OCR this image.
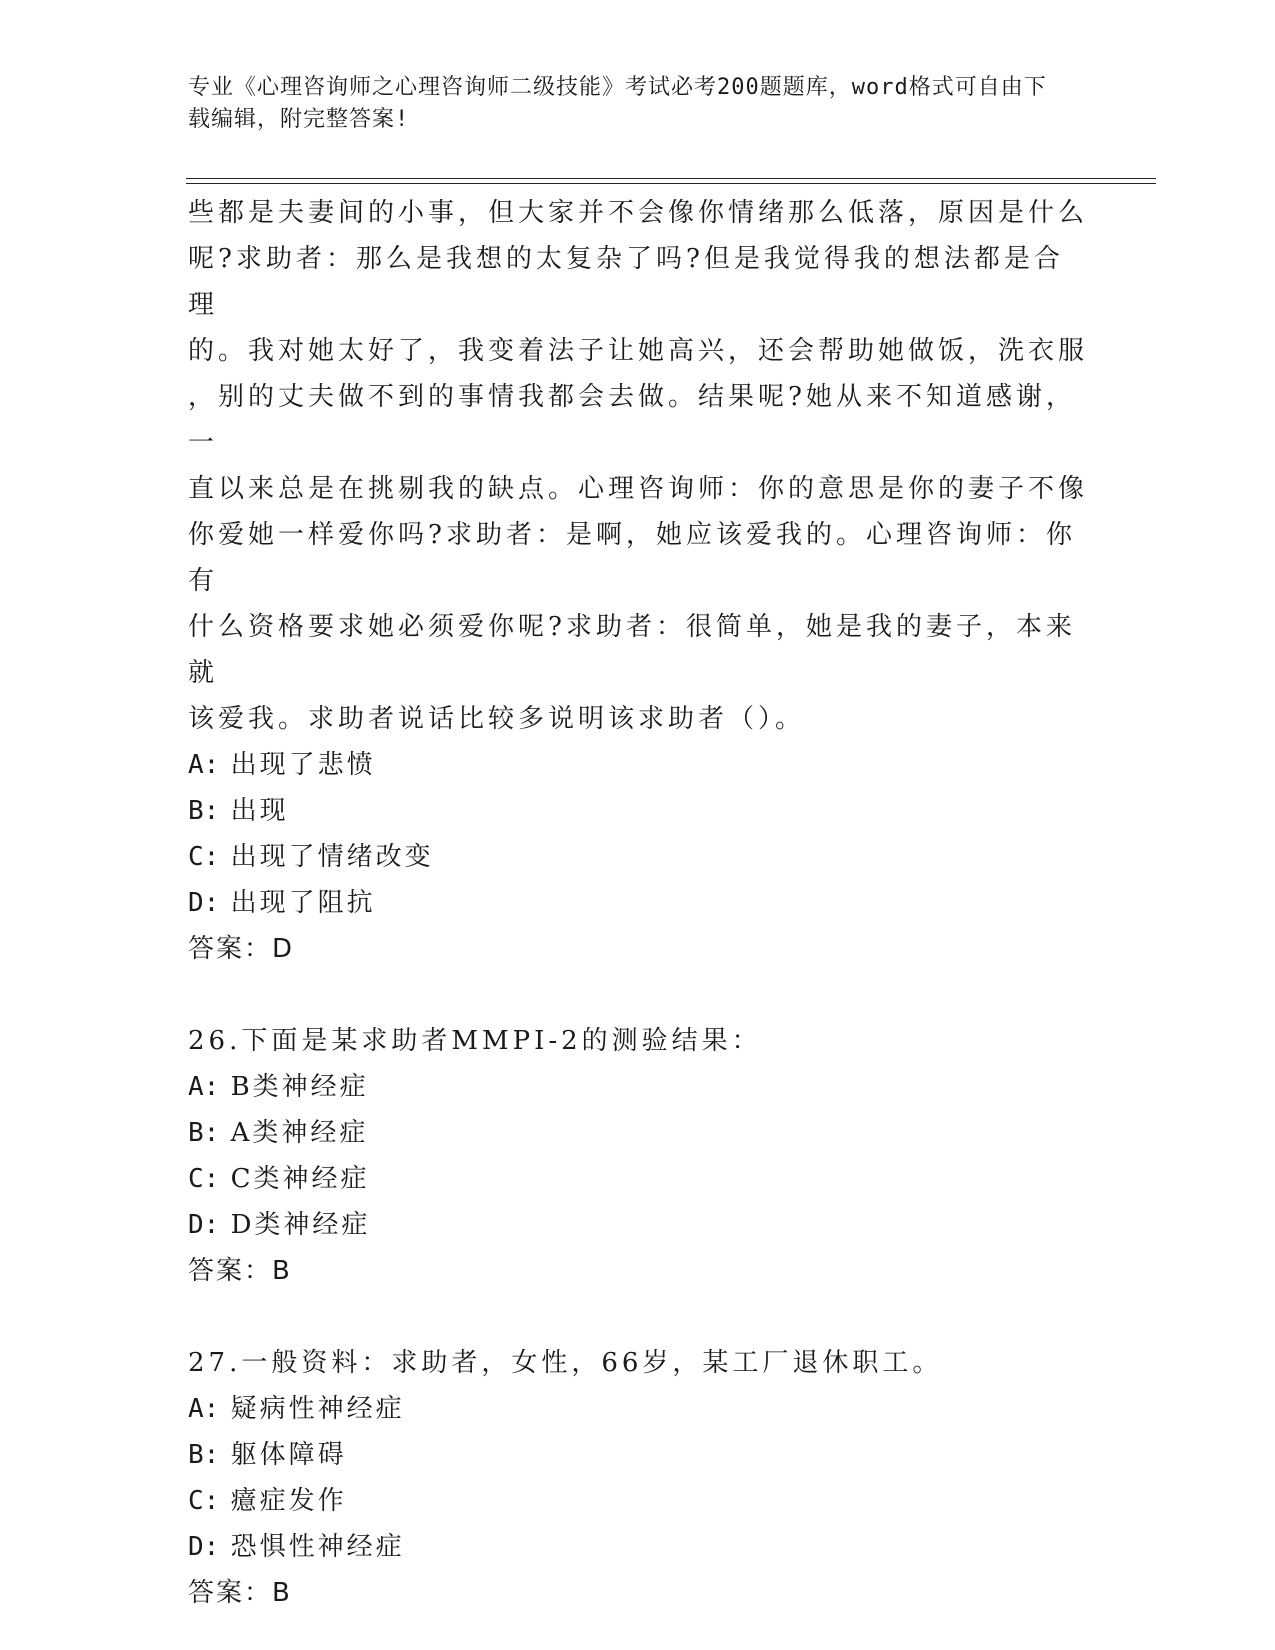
专业《心理咨询师之心理咨询师二级技能》考试必考200题题库，word格式可自由下载编辑，附完整答案!

些都是夫妻间的小事，但大家并不会像你情绪那么低落，原因是什么

呢?求助者：那么是我想的太复杂了吗?但是我觉得我的想法都是合理

的。我对她太好了，我变着法子让她高兴，还会帮助她做饭，洗衣服

，别的丈夫做不到的事情我都会去做。结果呢?她从来不知道感谢，一

直以来总是在挑剔我的缺点。心理咨询师：你的意思是你的妻子不像

你爱她一样爱你吗?求助者：是啊，她应该爱我的。心理咨询师：你有

什么资格要求她必须爱你呢?求助者：很简单，她是我的妻子，本来就

该爱我。求助者说话比较多说明该求助者（）。

A: 出现了悲愤

B: 出现

C: 出现了情绪改变

D: 出现了阻抗

答案：D

26.下面是某求助者MMPI-2的测验结果：

A: B类神经症

B: A类神经症

C: C类神经症

D: D类神经症

答案：B

27.一般资料：求助者，女性，66岁，某工厂退休职工。

A: 疑病性神经症

B: 躯体障碍

C: 癔症发作

D: 恐惧性神经症

答案：B
